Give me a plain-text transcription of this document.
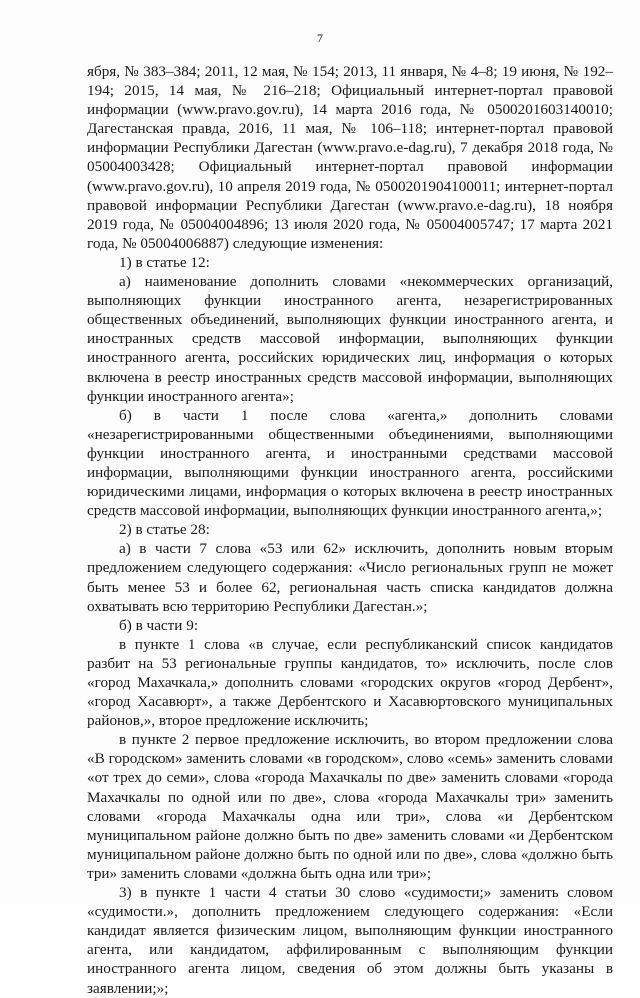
7

ября, № 383–384; 2011, 12 мая, № 154; 2013, 11 января, № 4–8; 19 июня, № 192–194; 2015, 14 мая, № 216–218; Официальный интернет-портал правовой информации (www.pravo.gov.ru), 14 марта 2016 года, № 0500201603140010; Дагестанская правда, 2016, 11 мая, № 106–118; интернет-портал правовой информации Республики Дагестан (www.pravo.e-dag.ru), 7 декабря 2018 года, № 05004003428; Официальный интернет-портал правовой информации (www.pravo.gov.ru), 10 апреля 2019 года, № 0500201904100011; интернет-портал правовой информации Республики Дагестан (www.pravo.e-dag.ru), 18 ноября 2019 года, № 05004004896; 13 июля 2020 года, № 05004005747; 17 марта 2021 года, № 05004006887) следующие изменения:

1) в статье 12:

а) наименование дополнить словами «некоммерческих организаций, выполняющих функции иностранного агента, незарегистрированных общественных объединений, выполняющих функции иностранного агента, и иностранных средств массовой информации, выполняющих функции иностранного агента, российских юридических лиц, информация о которых включена в реестр иностранных средств массовой информации, выполняющих функции иностранного агента»;

б) в части 1 после слова «агента,» дополнить словами «незарегистрированными общественными объединениями, выполняющими функции иностранного агента, и иностранными средствами массовой информации, выполняющими функции иностранного агента, российскими юридическими лицами, информация о которых включена в реестр иностранных средств массовой информации, выполняющих функции иностранного агента,»;

2) в статье 28:

а) в части 7 слова «53 или 62» исключить, дополнить новым вторым предложением следующего содержания: «Число региональных групп не может быть менее 53 и более 62, региональная часть списка кандидатов должна охватывать всю территорию Республики Дагестан.»;

б) в части 9:

в пункте 1 слова «в случае, если республиканский список кандидатов разбит на 53 региональные группы кандидатов, то» исключить, после слов «город Махачкала,» дополнить словами «городских округов «город Дербент», «город Хасавюрт», а также Дербентского и Хасавюртовского муниципальных районов,», второе предложение исключить;

в пункте 2 первое предложение исключить, во втором предложении слова «В городском» заменить словами «в городском», слово «семь» заменить словами «от трех до семи», слова «города Махачкалы по две» заменить словами «города Махачкалы по одной или по две», слова «города Махачкалы три» заменить словами «города Махачкалы одна или три», слова «и Дербентском муниципальном районе должно быть по две» заменить словами «и Дербентском муниципальном районе должно быть по одной или по две», слова «должно быть три» заменить словами «должна быть одна или три»;

3) в пункте 1 части 4 статьи 30 слово «судимости;» заменить словом «судимости.», дополнить предложением следующего содержания: «Если кандидат является физическим лицом, выполняющим функции иностранного агента, или кандидатом, аффилированным с выполняющим функции иностранного агента лицом, сведения об этом должны быть указаны в заявлении;»;
